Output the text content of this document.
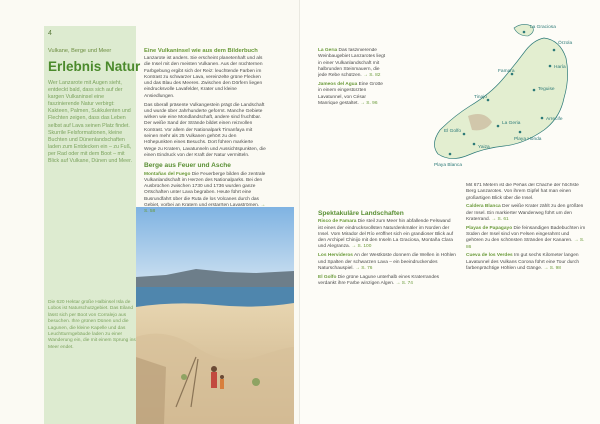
4
Vulkane, Berge und Meer
Erlebnis Natur
Wer Lanzarote mit Augen sieht, entdeckt bald, dass sich auf der kargen Vulkaninsel eine faszinierende Natur verbirgt: Kakteen, Palmen, Sukkulenten und Flechten zeigen, dass das Leben selbst auf Lava seinen Platz findet. Skurrile Felsformationen, kleine Buchten und Dünenlandschaften laden zum Entdecken ein – zu Fuß, per Rad oder mit dem Boot – mit Blick auf Vulkane, Dünen und Meer.
Die 620 Hektar große Halbinsel Isla de Lobos ist Naturschutzgebiet. Das Eiland lässt sich per Boot von Corralejo aus besuchen. Ihre grünen Dünen und die Lagunen, die kleine Kapelle und das Leuchtturmgebäude laden zu einer Wanderung ein, die mit einem Sprung ins Meer endet.
Eine Vulkaninsel wie aus dem Bilderbuch

Lanzarote ist anders. Sie erscheint planetenhaft und als die Insel mit den meisten Vulkanen. Aus der nüchternen Farbgebung ergibt sich der Reiz: leuchtende Farben im Kontrast zu schwarzer Lava, vereinzelte grüne Flecken und das Blau des Meeres. Zwischen den Dörfern liegen eindrucksvolle Lavafelder, Krater und kleine Ansiedlungen.

Das überall präsente Vulkangestein prägt die Landschaft und wurde über Jahrhunderte geformt. Manche Gebiete wirken wie eine Mondlandschaft, andere sind fruchtbar. Der weiße Sand der Strände bildet einen reizvollen Kontrast. Vor allem der Nationalpark Timanfaya mit seinen mehr als 25 Vulkanen gehört zu den Höhepunkten eines Besuchs. Dort führen markierte Wege zu Kratern, Lavatunneln und Aussichtspunkten, die einen Eindruck von der Kraft der Natur vermitteln.

Berge aus Feuer und Asche

Montañas del Fuego Die Feuerberge bilden die zentrale Vulkanlandschaft im Herzen des Nationalparks. Bei den Ausbrüchen zwischen 1730 und 1736 wurden ganze Ortschaften unter Lava begraben. Heute führt eine Busrundfahrt über die Ruta de los Volcanes durch das Gebiet, vorbei an Kratern und erstarrten Lavaströmen. → S. 58

La Geria Das faszinierende Weinbaugebiet Lanzarotes liegt in einer Vulkanlandschaft mit halbrunden Steinmauern, die jede Rebe schützen. → S. 82

Jameos del Agua Eine Grotte in einem eingestürzten Lavatunnel, von César Manrique gestaltet. → S. 96

La Graciosa
Órzola
Haría
Famara
Teguise
Tinajo
Arrecife
La Geria
Playa Honda
El Golfo
Yaiza
Playa Blanca
Spektakuläre Landschaften

Risco de Famara Die steil zum Meer hin abfallende Felswand ist eines der eindrucksvollsten Naturdenkmäler im Norden der Insel. Vom Mirador del Río eröffnet sich ein grandioser Blick auf den Archipel Chinijo mit den Inseln La Graciosa, Montaña Clara und Alegranza. → S. 100

Los Hervideros An der Westküste donnern die Wellen in Höhlen und Spalten der schwarzen Lava – ein beeindruckendes Naturschauspiel. → S. 76

El Golfo Die grüne Lagune unterhalb eines Kraterrandes verdankt ihre Farbe winzigen Algen. → S. 74

Mit 671 Metern ist die Peñas del Chache der höchste Berg Lanzarotes. Von ihrem Gipfel hat man einen großartigen Blick über die Insel.

Caldera Blanca Der weiße Krater zählt zu den größten der Insel. Ein markierter Wanderweg führt um den Kraterrand. → S. 61

Playas de Papagayo Die feinsandigen Badebuchten im Süden der Insel sind von Felsen eingerahmt und gehören zu den schönsten Stränden der Kanaren. → S. 86

Cueva de los Verdes Im gut sechs Kilometer langen Lavatunnel des Vulkans Corona führt eine Tour durch farbenprächtige Höhlen und Gänge. → S. 98
